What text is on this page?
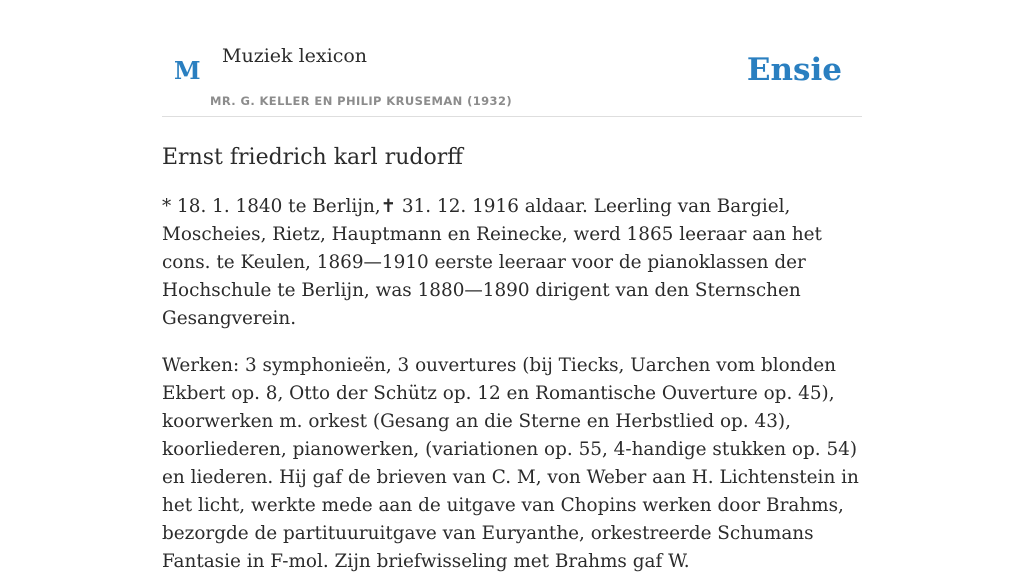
M Muziek lexicon
MR. G. KELLER EN PHILIP KRUSEMAN (1932)
Ensie
Ernst friedrich karl rudorff

* 18. 1. 1840 te Berlijn,✝ 31. 12. 1916 aldaar. Leerling van Bargiel, Moscheies, Rietz, Hauptmann en Reinecke, werd 1865 leeraar aan het cons. te Keulen, 1869—1910 eerste leeraar voor de pianoklassen der Hochschule te Berlijn, was 1880—1890 dirigent van den Sternschen Gesangverein.

Werken: 3 symphonieën, 3 ouvertures (bij Tiecks, Uarchen vom blonden Ekbert op. 8, Otto der Schütz op. 12 en Romantische Ouverture op. 45), koorwerken m. orkest (Gesang an die Sterne en Herbstlied op. 43), koorliederen, pianowerken, (variationen op. 55, 4-handige stukken op. 54) en liederen. Hij gaf de brieven van C. M, von Weber aan H. Lichtenstein in het licht, werkte mede aan de uitgave van Chopins werken door Brahms, bezorgde de partituuruitgave van Euryanthe, orkestreerde Schumans Fantasie in F-mol. Zijn briefwisseling met Brahms gaf W.
